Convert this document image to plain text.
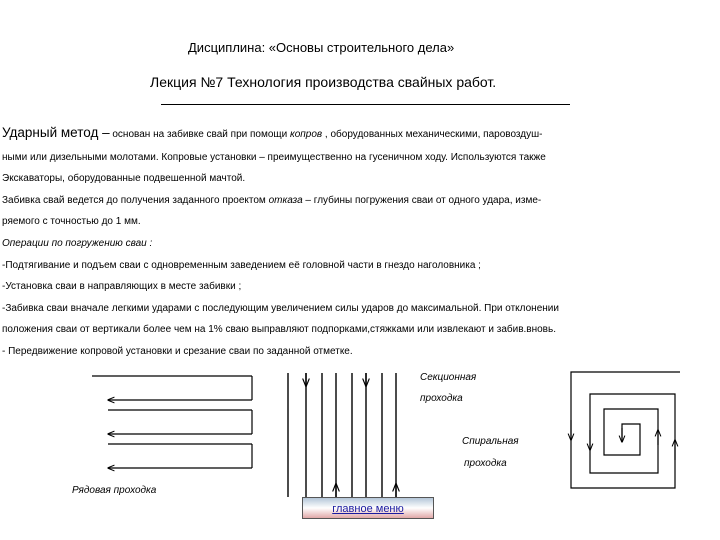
Дисциплина: «Основы строительного дела»
Лекция №7 Технология производства свайных работ.
Ударный метод – основан на забивке свай при помощи копров , оборудованных механическими, паровоздуш-
ными или дизельными молотами. Копровые установки – преимущественно на гусеничном ходу. Используются также
Экскаваторы, оборудованные подвешенной мачтой.
Забивка свай ведется до получения заданного проектом отказа – глубины погружения сваи от одного удара, изме-
ряемого с точностью до 1 мм.
Операции по погружению сваи :
-Подтягивание и подъем сваи с одновременным заведением её головной части в гнездо наголовника ;
-Установка сваи в направляющих в месте забивки ;
-Забивка сваи вначале легкими ударами с последующим увеличением силы ударов до максимальной. При отклонении
положения сваи от вертикали более чем на 1% сваю выправляют подпорками,стяжками или извлекают и забив.вновь.
- Передвижение копровой установки и срезание сваи по заданной отметке.
Секционная
проходка
Спиральная
проходка
Рядовая проходка
главное меню
